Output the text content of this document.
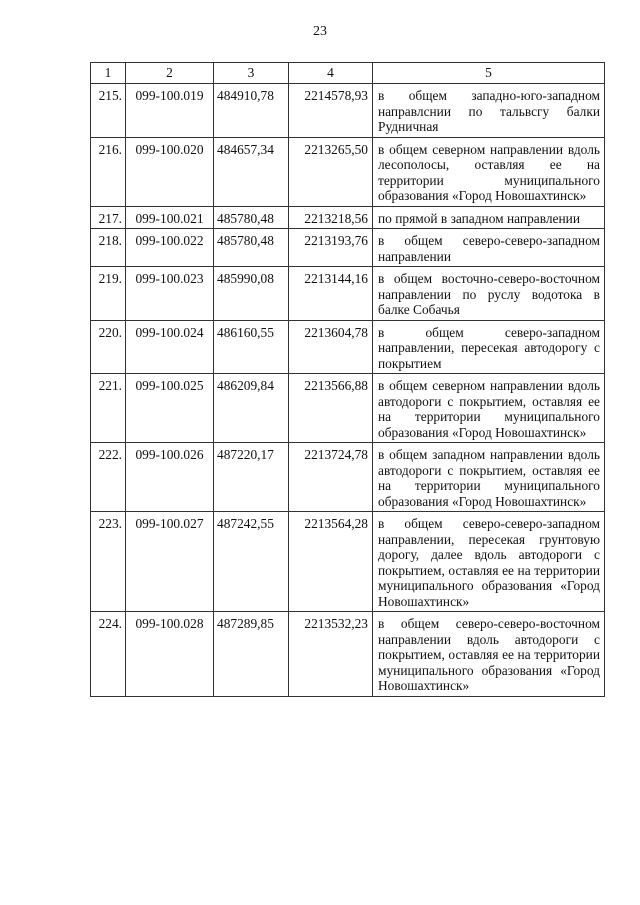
23
1	2	3	4	5
215.	099-100.019	484910,78	2214578,93	в общем западно-юго-западном направлснии по тальвсгу балки Рудничная
216.	099-100.020	484657,34	2213265,50	в общем северном направлении вдоль лесополосы, оставляя ее на территории муниципального образования «Город Новошахтинск»
217.	099-100.021	485780,48	2213218,56	по прямой в западном направлении
218.	099-100.022	485780,48	2213193,76	в общем северо-северо-западном направлении
219.	099-100.023	485990,08	2213144,16	в общем восточно-северо-восточном направлении по руслу водотока в балке Собачья
220.	099-100.024	486160,55	2213604,78	в общем северо-западном направлении, пересекая автодорогу с покрытием
221.	099-100.025	486209,84	2213566,88	в общем северном направлении вдоль автодороги с покрытием, оставляя ее на территории муниципального образования «Город Новошахтинск»
222.	099-100.026	487220,17	2213724,78	в общем западном направлении вдоль автодороги с покрытием, оставляя ее на территории муниципального образования «Город Новошахтинск»
223.	099-100.027	487242,55	2213564,28	в общем северо-северо-западном направлении, пересекая грунтовую дорогу, далее вдоль автодороги с покрытием, оставляя ее на территории муниципального образования «Город Новошахтинск»
224.	099-100.028	487289,85	2213532,23	в общем северо-северо-восточном направлении вдоль автодороги с покрытием, оставляя ее на территории муниципального образования «Город Новошахтинск»
